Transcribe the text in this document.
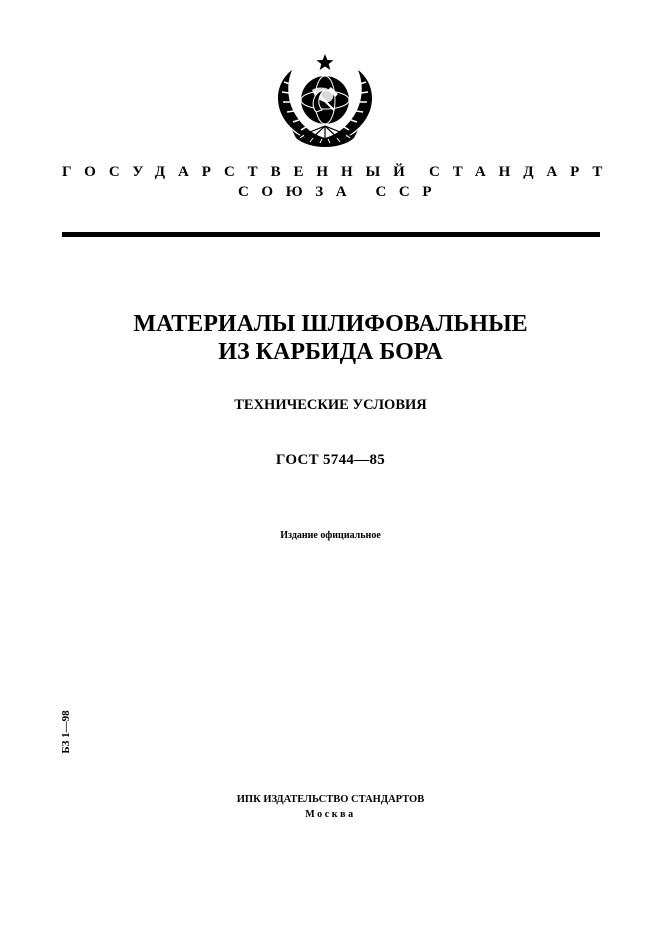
ГОСУДАРСТВЕННЫЙ СТАНДАРТ
СОЮЗА ССР
МАТЕРИАЛЫ ШЛИФОВАЛЬНЫЕ
ИЗ КАРБИДА БОРА
ТЕХНИЧЕСКИЕ УСЛОВИЯ
ГОСТ 5744—85
Издание официальное
БЗ 1—98
ИПК ИЗДАТЕЛЬСТВО СТАНДАРТОВ
Москва
